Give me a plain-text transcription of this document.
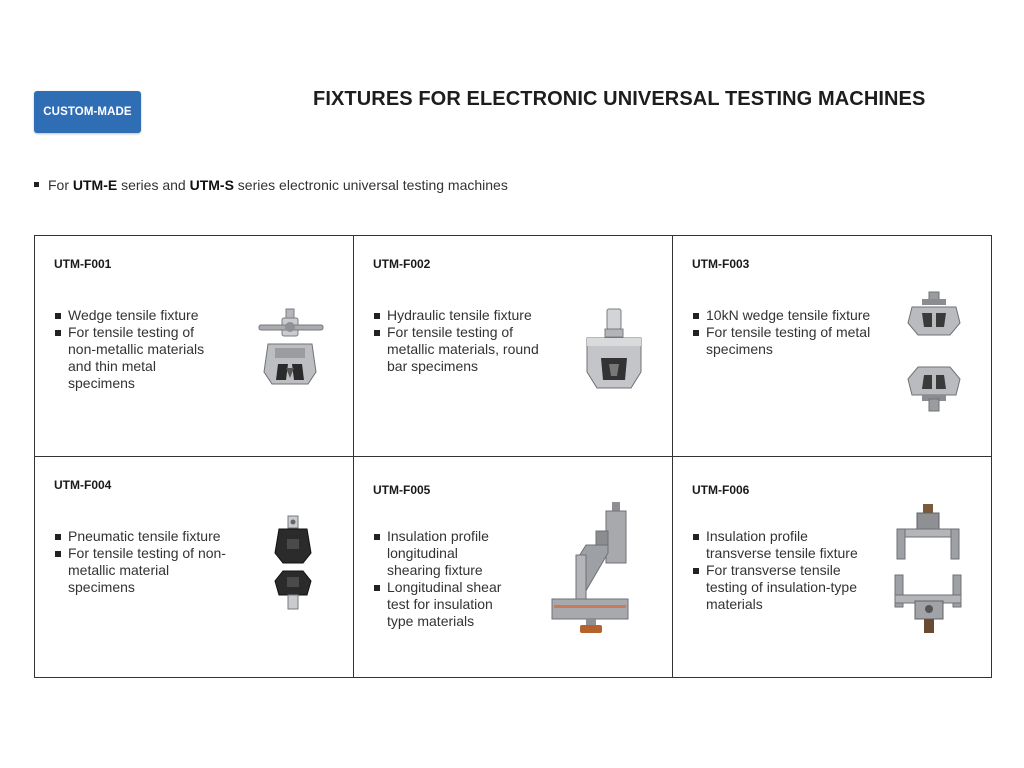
CUSTOM-MADE
FIXTURES FOR ELECTRONIC UNIVERSAL TESTING MACHINES
For UTM-E series and UTM-S series electronic universal testing machines
UTM-F001
Wedge tensile fixture
For tensile testing of non-metallic materials and thin metal specimens
UTM-F002
Hydraulic tensile fixture
For tensile testing of metallic materials, round bar specimens
UTM-F003
10kN wedge tensile fixture
For tensile testing of metal specimens
UTM-F004
Pneumatic tensile fixture
For tensile testing of non-metallic material specimens
UTM-F005
Insulation profile longitudinal shearing fixture
Longitudinal shear test for insulation type materials
UTM-F006
Insulation profile transverse tensile fixture
For transverse tensile testing of insulation-type materials
